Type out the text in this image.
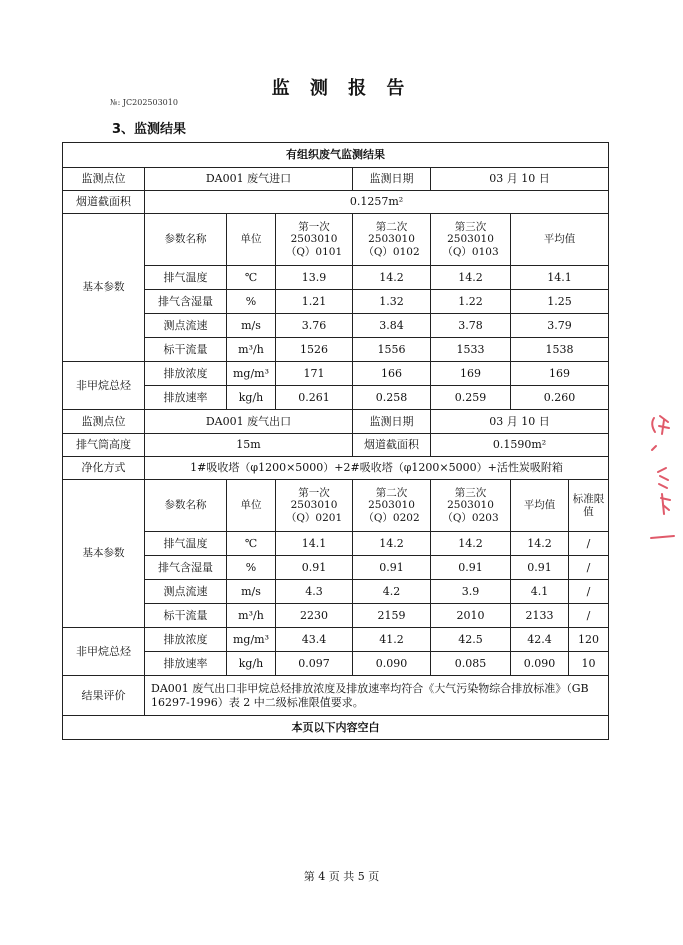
监 测 报 告
№: JC202503010
3、监测结果
有组织废气监测结果							
监测点位	DA001 废气进口			监测日期	03 月 10 日		
烟道截面积	0.1257m²						
基本参数	参数名称	单位	第一次
2503010
（Q）0101	第二次
2503010
（Q）0102	第三次
2503010
（Q）0103	平均值	
	排气温度	℃	13.9	14.2	14.2	14.1	
	排气含湿量	%	1.21	1.32	1.22	1.25	
	测点流速	m/s	3.76	3.84	3.78	3.79	
	标干流量	m³/h	1526	1556	1533	1538	
非甲烷总烃	排放浓度	mg/m³	171	166	169	169	
	排放速率	kg/h	0.261	0.258	0.259	0.260	
监测点位	DA001 废气出口			监测日期	03 月 10 日		
排气筒高度	15m			烟道截面积	0.1590m²		
净化方式	1#吸收塔（φ1200×5000）+2#吸收塔（φ1200×5000）+活性炭吸附箱						
基本参数	参数名称	单位	第一次
2503010
（Q）0201	第二次
2503010
（Q）0202	第三次
2503010
（Q）0203	平均值	标准限值
	排气温度	℃	14.1	14.2	14.2	14.2	/
	排气含湿量	%	0.91	0.91	0.91	0.91	/
	测点流速	m/s	4.3	4.2	3.9	4.1	/
	标干流量	m³/h	2230	2159	2010	2133	/
非甲烷总烃	排放浓度	mg/m³	43.4	41.2	42.5	42.4	120
	排放速率	kg/h	0.097	0.090	0.085	0.090	10
结果评价	DA001 废气出口非甲烷总烃排放浓度及排放速率均符合《大气污染物综合排放标准》（GB 16297-1996）表 2 中二级标准限值要求。						
本页以下内容空白							
第 4 页 共 5 页
